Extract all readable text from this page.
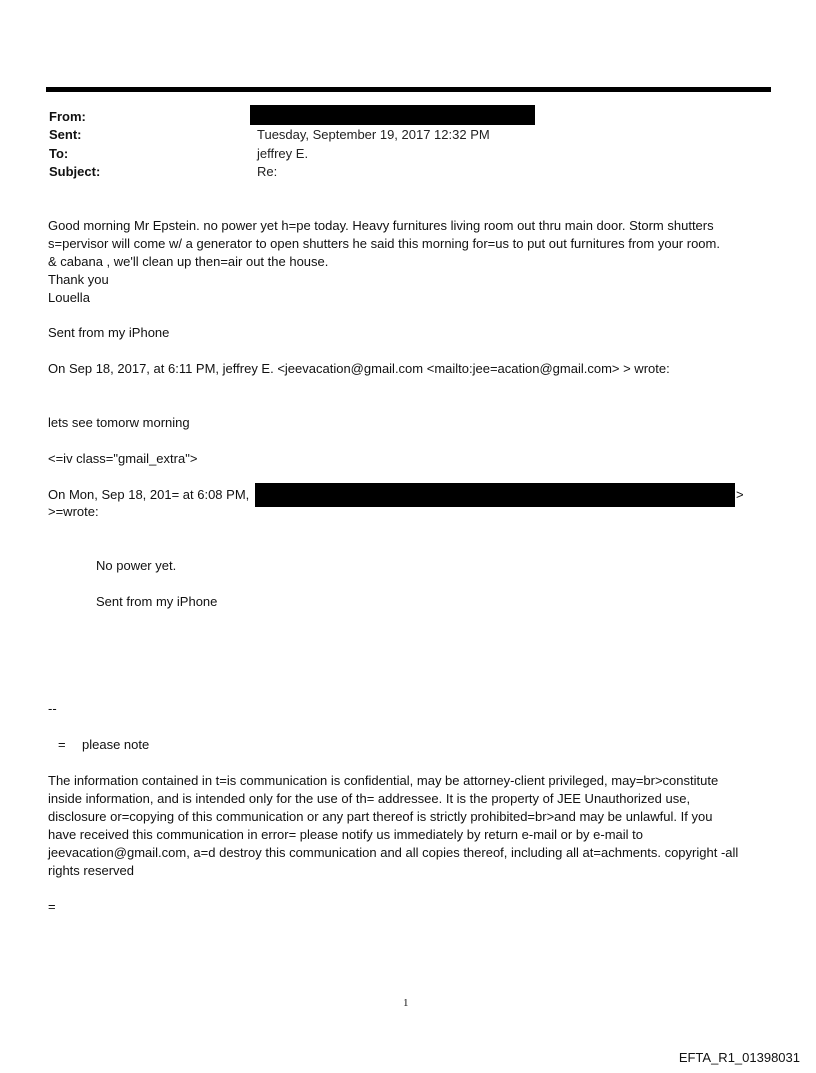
From:
Sent:	Tuesday, September 19, 2017 12:32 PM
To:	jeffrey E.
Subject:	Re:
Good morning Mr Epstein. no power yet h=pe today. Heavy furnitures living room out thru main door. Storm shutters
s=pervisor will come w/ a generator to open shutters he said this morning for=us to put out furnitures from your room.
& cabana , we'll clean up then=air out the house.
Thank you
Louella
Sent from my iPhone
On Sep 18, 2017, at 6:11 PM, jeffrey E. <jeevacation@gmail.com <mailto:jee=acation@gmail.com> > wrote:
lets see tomorw morning
<=iv class="gmail_extra">
On Mon, Sep 18, 201= at 6:08 PM,	>
>=wrote:
No power yet.
Sent from my iPhone
--
= please note
The information contained in t=is communication is confidential, may be attorney-client privileged, may=br>constitute
inside information, and is intended only for the use of th= addressee. It is the property of JEE Unauthorized use,
disclosure or=copying of this communication or any part thereof is strictly prohibited=br>and may be unlawful. If you
have received this communication in error= please notify us immediately by return e-mail or by e-mail to
jeevacation@gmail.com, a=d destroy this communication and all copies thereof, including all at=achments. copyright -all
rights reserved
=
1
EFTA_R1_01398031
